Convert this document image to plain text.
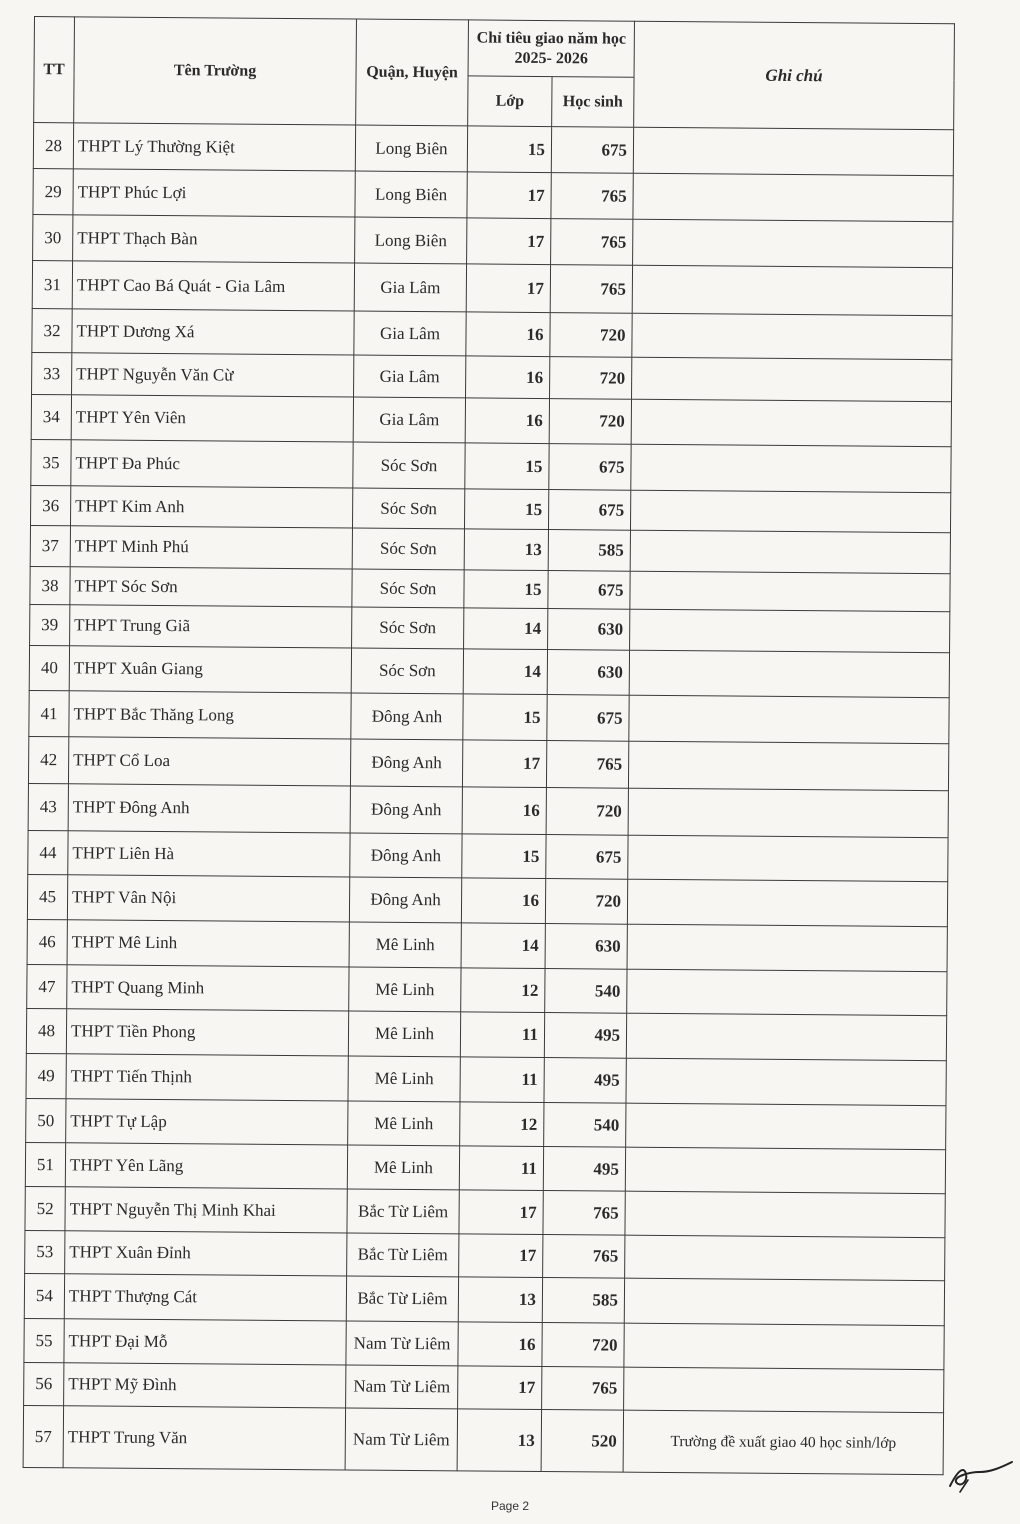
TT	Tên Trường	Quận, Huyện	Chỉ tiêu giao năm học 2025- 2026		Ghi chú
			Lớp	Học sinh	
28	THPT Lý Thường Kiệt	Long Biên	15	675	
29	THPT Phúc Lợi	Long Biên	17	765	
30	THPT Thạch Bàn	Long Biên	17	765	
31	THPT Cao Bá Quát - Gia Lâm	Gia Lâm	17	765	
32	THPT Dương Xá	Gia Lâm	16	720	
33	THPT Nguyễn Văn Cừ	Gia Lâm	16	720	
34	THPT Yên Viên	Gia Lâm	16	720	
35	THPT Đa Phúc	Sóc Sơn	15	675	
36	THPT Kim Anh	Sóc Sơn	15	675	
37	THPT Minh Phú	Sóc Sơn	13	585	
38	THPT Sóc Sơn	Sóc Sơn	15	675	
39	THPT Trung Giã	Sóc Sơn	14	630	
40	THPT Xuân Giang	Sóc Sơn	14	630	
41	THPT Bắc Thăng Long	Đông Anh	15	675	
42	THPT Cổ Loa	Đông Anh	17	765	
43	THPT Đông Anh	Đông Anh	16	720	
44	THPT Liên Hà	Đông Anh	15	675	
45	THPT Vân Nội	Đông Anh	16	720	
46	THPT Mê Linh	Mê Linh	14	630	
47	THPT Quang Minh	Mê Linh	12	540	
48	THPT Tiền Phong	Mê Linh	11	495	
49	THPT Tiến Thịnh	Mê Linh	11	495	
50	THPT Tự Lập	Mê Linh	12	540	
51	THPT Yên Lãng	Mê Linh	11	495	
52	THPT Nguyễn Thị Minh Khai	Bắc Từ Liêm	17	765	
53	THPT Xuân Đỉnh	Bắc Từ Liêm	17	765	
54	THPT Thượng Cát	Bắc Từ Liêm	13	585	
55	THPT Đại Mỗ	Nam Từ Liêm	16	720	
56	THPT Mỹ Đình	Nam Từ Liêm	17	765	
57	THPT Trung Văn	Nam Từ Liêm	13	520	Trường đề xuất giao 40 học sinh/lớp
Page 2
